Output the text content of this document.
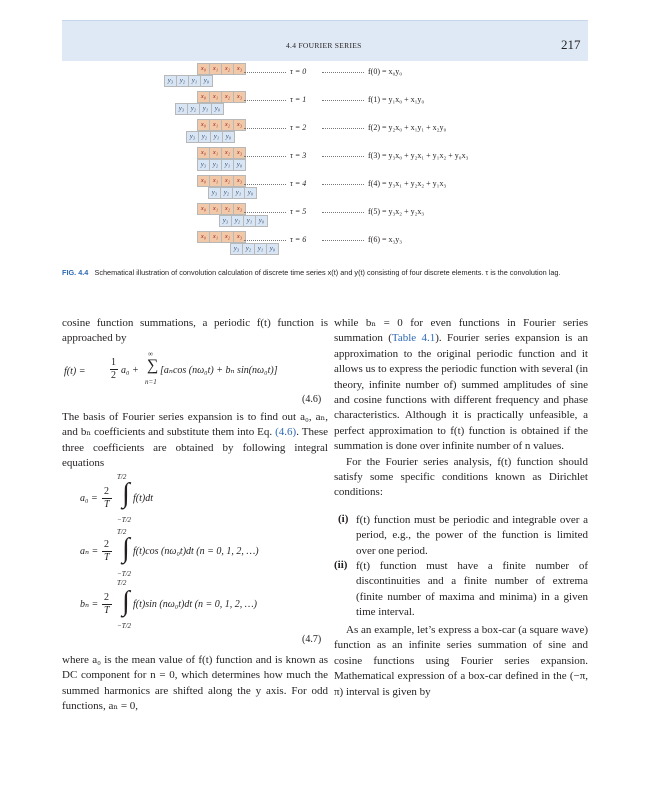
4.4 FOURIER SERIES	217
x₀	x₁	x₂	x₃
y₃	y₂	y₁	y₀
τ = 0	f(0) = x₀y₀
x₀	x₁	x₂	x₃
y₃	y₂	y₁	y₀
τ = 1	f(1) = y₁x₀ + x₁y₀
x₀	x₁	x₂	x₃
y₃	y₂	y₁	y₀
τ = 2	f(2) = y₂x₀ + x₁y₁ + x₂y₀
x₀	x₁	x₂	x₃
y₃	y₂	y₁	y₀
τ = 3	f(3) = y₃x₀ + y₂x₁ + y₁x₂ + y₀x₃
x₀	x₁	x₂	x₃
y₃	y₂	y₁	y₀
τ = 4	f(4) = y₃x₁ + y₂x₂ + y₁x₃
x₀	x₁	x₂	x₃
y₃	y₂	y₁	y₀
τ = 5	f(5) = y₃x₂ + y₂x₃
x₀	x₁	x₂	x₃
y₃	y₂	y₁	y₀
τ = 6	f(6) = x₃y₃
FIG. 4.4 Schematical illustration of convolution calculation of discrete time series x(t) and y(t) consisting of four discrete elements. τ is the convolution lag.

cosine function summations, a periodic f(t) function is approached by

f(t) =
1
2 a₀ + ∑
∞
n=1
[aₙcos (nω₀t) + bₙ sin(nω₀t)]
(4.6)

The basis of Fourier series expansion is to find out a₀, aₙ, and bₙ coefficients and substitute them into Eq. (4.6). These three coefficients are obtained by following integral equations

a₀ =
2
T
T/2
∫
−T/2
f(t)dt
aₙ =
2
T
T/2
∫
−T/2
f(t)cos (nω₀t)dt (n = 0, 1, 2, …)
bₙ =
2
T
T/2
∫
−T/2
f(t)sin (nω₀t)dt (n = 0, 1, 2, …)
(4.7)

where a₀ is the mean value of f(t) function and is known as DC component for n = 0, which determines how much the summed harmonics are shifted along the y axis. For odd functions, aₙ = 0,

while bₙ = 0 for even functions in Fourier series summation (Table 4.1). Fourier series expansion is an approximation to the original periodic function and it allows us to express the periodic function with several (in theory, infinite number of) summed amplitudes of sine and cosine functions with different frequency and phase characteristics. Although it is practically unfeasible, a perfect approximation to f(t) function is obtained if the summation is done over infinite number of n values.

For the Fourier series analysis, f(t) function should satisfy some specific conditions known as Dirichlet conditions:

(i) f(t) function must be periodic and integrable over a period, e.g., the power of the function is limited over one period.
(ii) f(t) function must have a finite number of discontinuities and a finite number of extrema (finite number of maxima and minima) in a given time interval.

As an example, let’s express a box-car (a square wave) function as an infinite series summation of sine and cosine functions using Fourier series expansion. Mathematical expression of a box-car defined in the (−π, π) interval is given by
